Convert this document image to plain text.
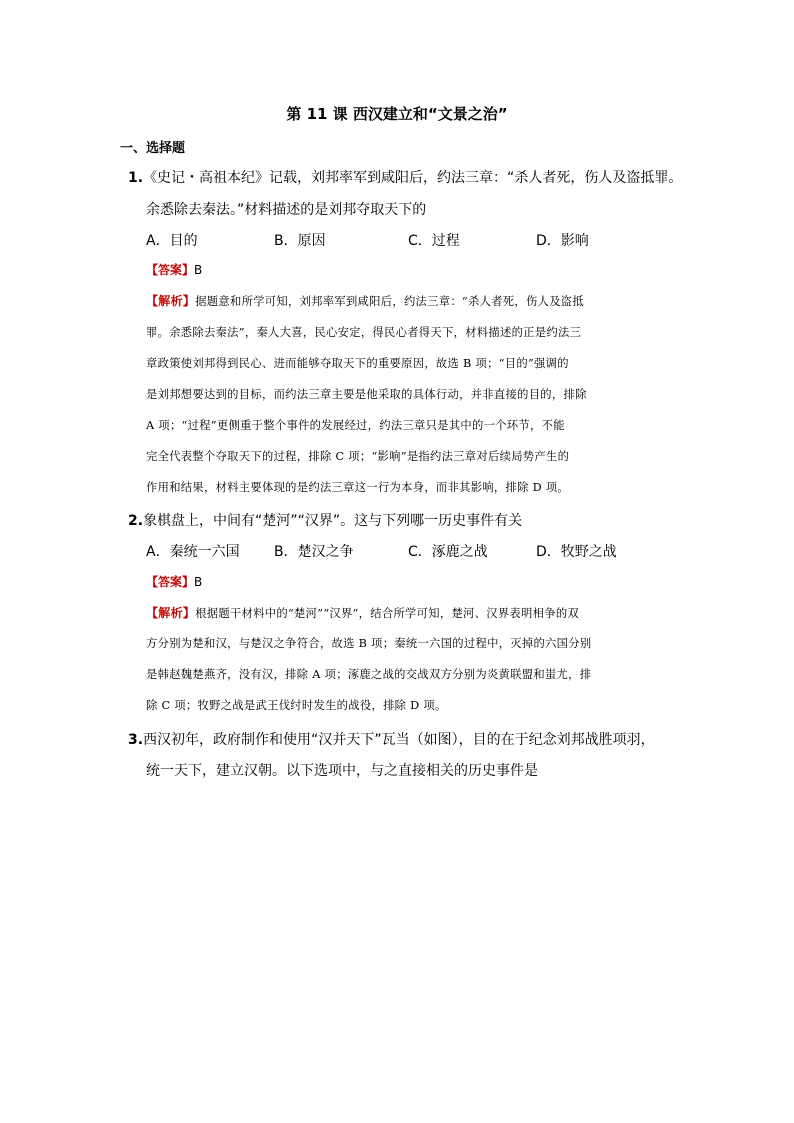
第 11 课 西汉建立和“文景之治”
一、选择题
1.《史记・高祖本纪》记载，刘邦率军到咸阳后，约法三章：“杀人者死，伤人及盗抵罪。
余悉除去秦法。”材料描述的是刘邦夺取天下的
A．目的	B．原因	C．过程	D．影响
【答案】B
【解析】据题意和所学可知，刘邦率军到咸阳后，约法三章：“杀人者死，伤人及盗抵
罪。余悉除去秦法”，秦人大喜，民心安定，得民心者得天下，材料描述的正是约法三
章政策使刘邦得到民心、进而能够夺取天下的重要原因，故选 B 项；“目的”强调的
是刘邦想要达到的目标，而约法三章主要是他采取的具体行动，并非直接的目的，排除
A 项；“过程”更侧重于整个事件的发展经过，约法三章只是其中的一个环节，不能
完全代表整个夺取天下的过程，排除 C 项；“影响”是指约法三章对后续局势产生的
作用和结果，材料主要体现的是约法三章这一行为本身，而非其影响，排除 D 项。
2.象棋盘上，中间有“楚河”“汉界”。这与下列哪一历史事件有关
A．秦统一六国 B．楚汉之争	C．涿鹿之战	D．牧野之战
【答案】B
【解析】根据题干材料中的“楚河”“汉界”，结合所学可知，楚河、汉界表明相争的双
方分别为楚和汉，与楚汉之争符合，故选 B 项；秦统一六国的过程中，灭掉的六国分别
是韩赵魏楚燕齐，没有汉，排除 A 项；涿鹿之战的交战双方分别为炎黄联盟和蚩尤，排
除 C 项；牧野之战是武王伐纣时发生的战役，排除 D 项。
3.西汉初年，政府制作和使用“汉并天下”瓦当（如图），目的在于纪念刘邦战胜项羽，
统一天下，建立汉朝。以下选项中，与之直接相关的历史事件是
